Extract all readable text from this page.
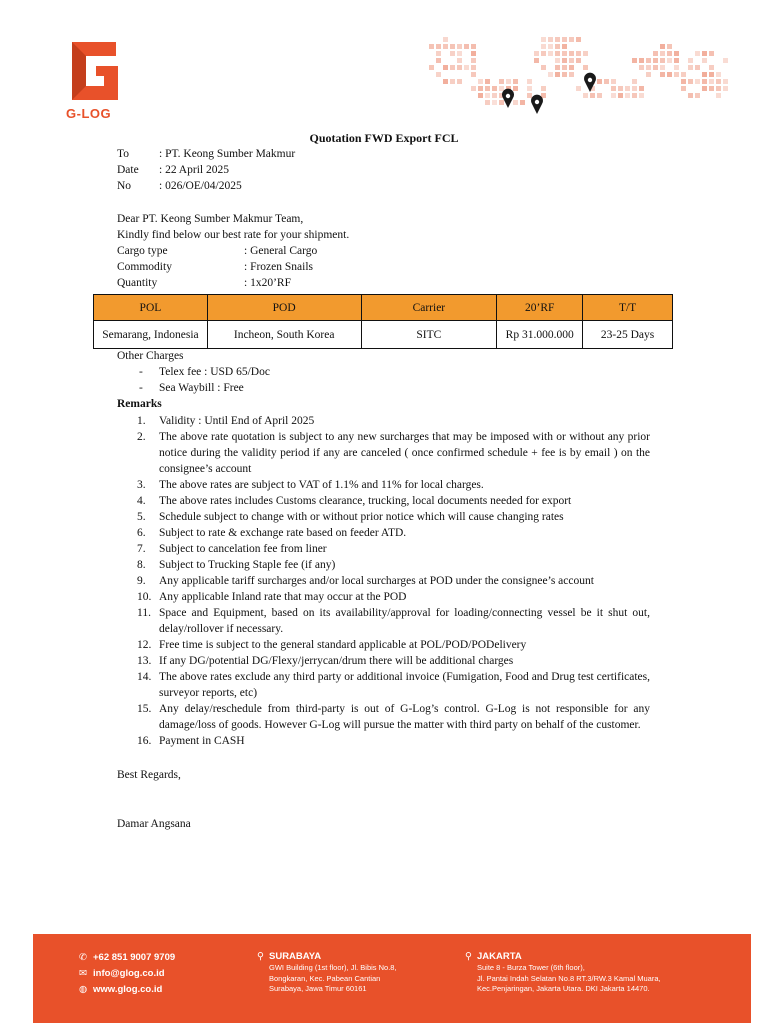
G-LOG
Quotation FWD Export FCL
To	: PT. Keong Sumber Makmur
Date : 22 April 2025
No : 026/OE/04/2025
Dear PT. Keong Sumber Makmur Team,
Kindly find below our best rate for your shipment.
Cargo type	: General Cargo
Commodity	: Frozen Snails
Quantity	: 1x20’RF
POL	POD	Carrier	20’RF	T/T
Semarang, Indonesia	Incheon, South Korea	SITC	Rp 31.000.000	23-25 Days
Other Charges
- Telex fee : USD 65/Doc
- Sea Waybill : Free
Remarks
1. Validity : Until End of April 2025
2. The above rate quotation is subject to any new surcharges that may be imposed with or without any prior notice during the validity period if any are canceled ( once confirmed schedule + fee is by email ) on the consignee’s account
3. The above rates are subject to VAT of 1.1% and 11% for local charges.
4. The above rates includes Customs clearance, trucking, local documents needed for export
5. Schedule subject to change with or without prior notice which will cause changing rates
6. Subject to rate & exchange rate based on feeder ATD.
7. Subject to cancelation fee from liner
8. Subject to Trucking Staple fee (if any)
9. Any applicable tariff surcharges and/or local surcharges at POD under the consignee’s account
10. Any applicable Inland rate that may occur at the POD
11. Space and Equipment, based on its availability/approval for loading/connecting vessel be it shut out, delay/rollover if necessary.
12. Free time is subject to the general standard applicable at POL/POD/PODelivery
13. If any DG/potential DG/Flexy/jerrycan/drum there will be additional charges
14. The above rates exclude any third party or additional invoice (Fumigation, Food and Drug test certificates, surveyor reports, etc)
15. Any delay/reschedule from third-party is out of G-Log’s control. G-Log is not responsible for any damage/loss of goods. However G-Log will pursue the matter with third party on behalf of the customer.
16. Payment in CASH
Best Regards,
Damar Angsana
✆ +62 851 9007 9709
✉ info@glog.co.id
◍ www.glog.co.id
⚲ SURABAYA
GWI Building (1st floor), Jl. Bibis No.8,
Bongkaran, Kec. Pabean Cantian
Surabaya, Jawa Timur 60161
⚲ JAKARTA
Suite 8 - Burza Tower (6th floor),
Jl. Pantai Indah Selatan No.8 RT.3/RW.3 Kamal Muara,
Kec.Penjaringan, Jakarta Utara. DKI Jakarta 14470.
